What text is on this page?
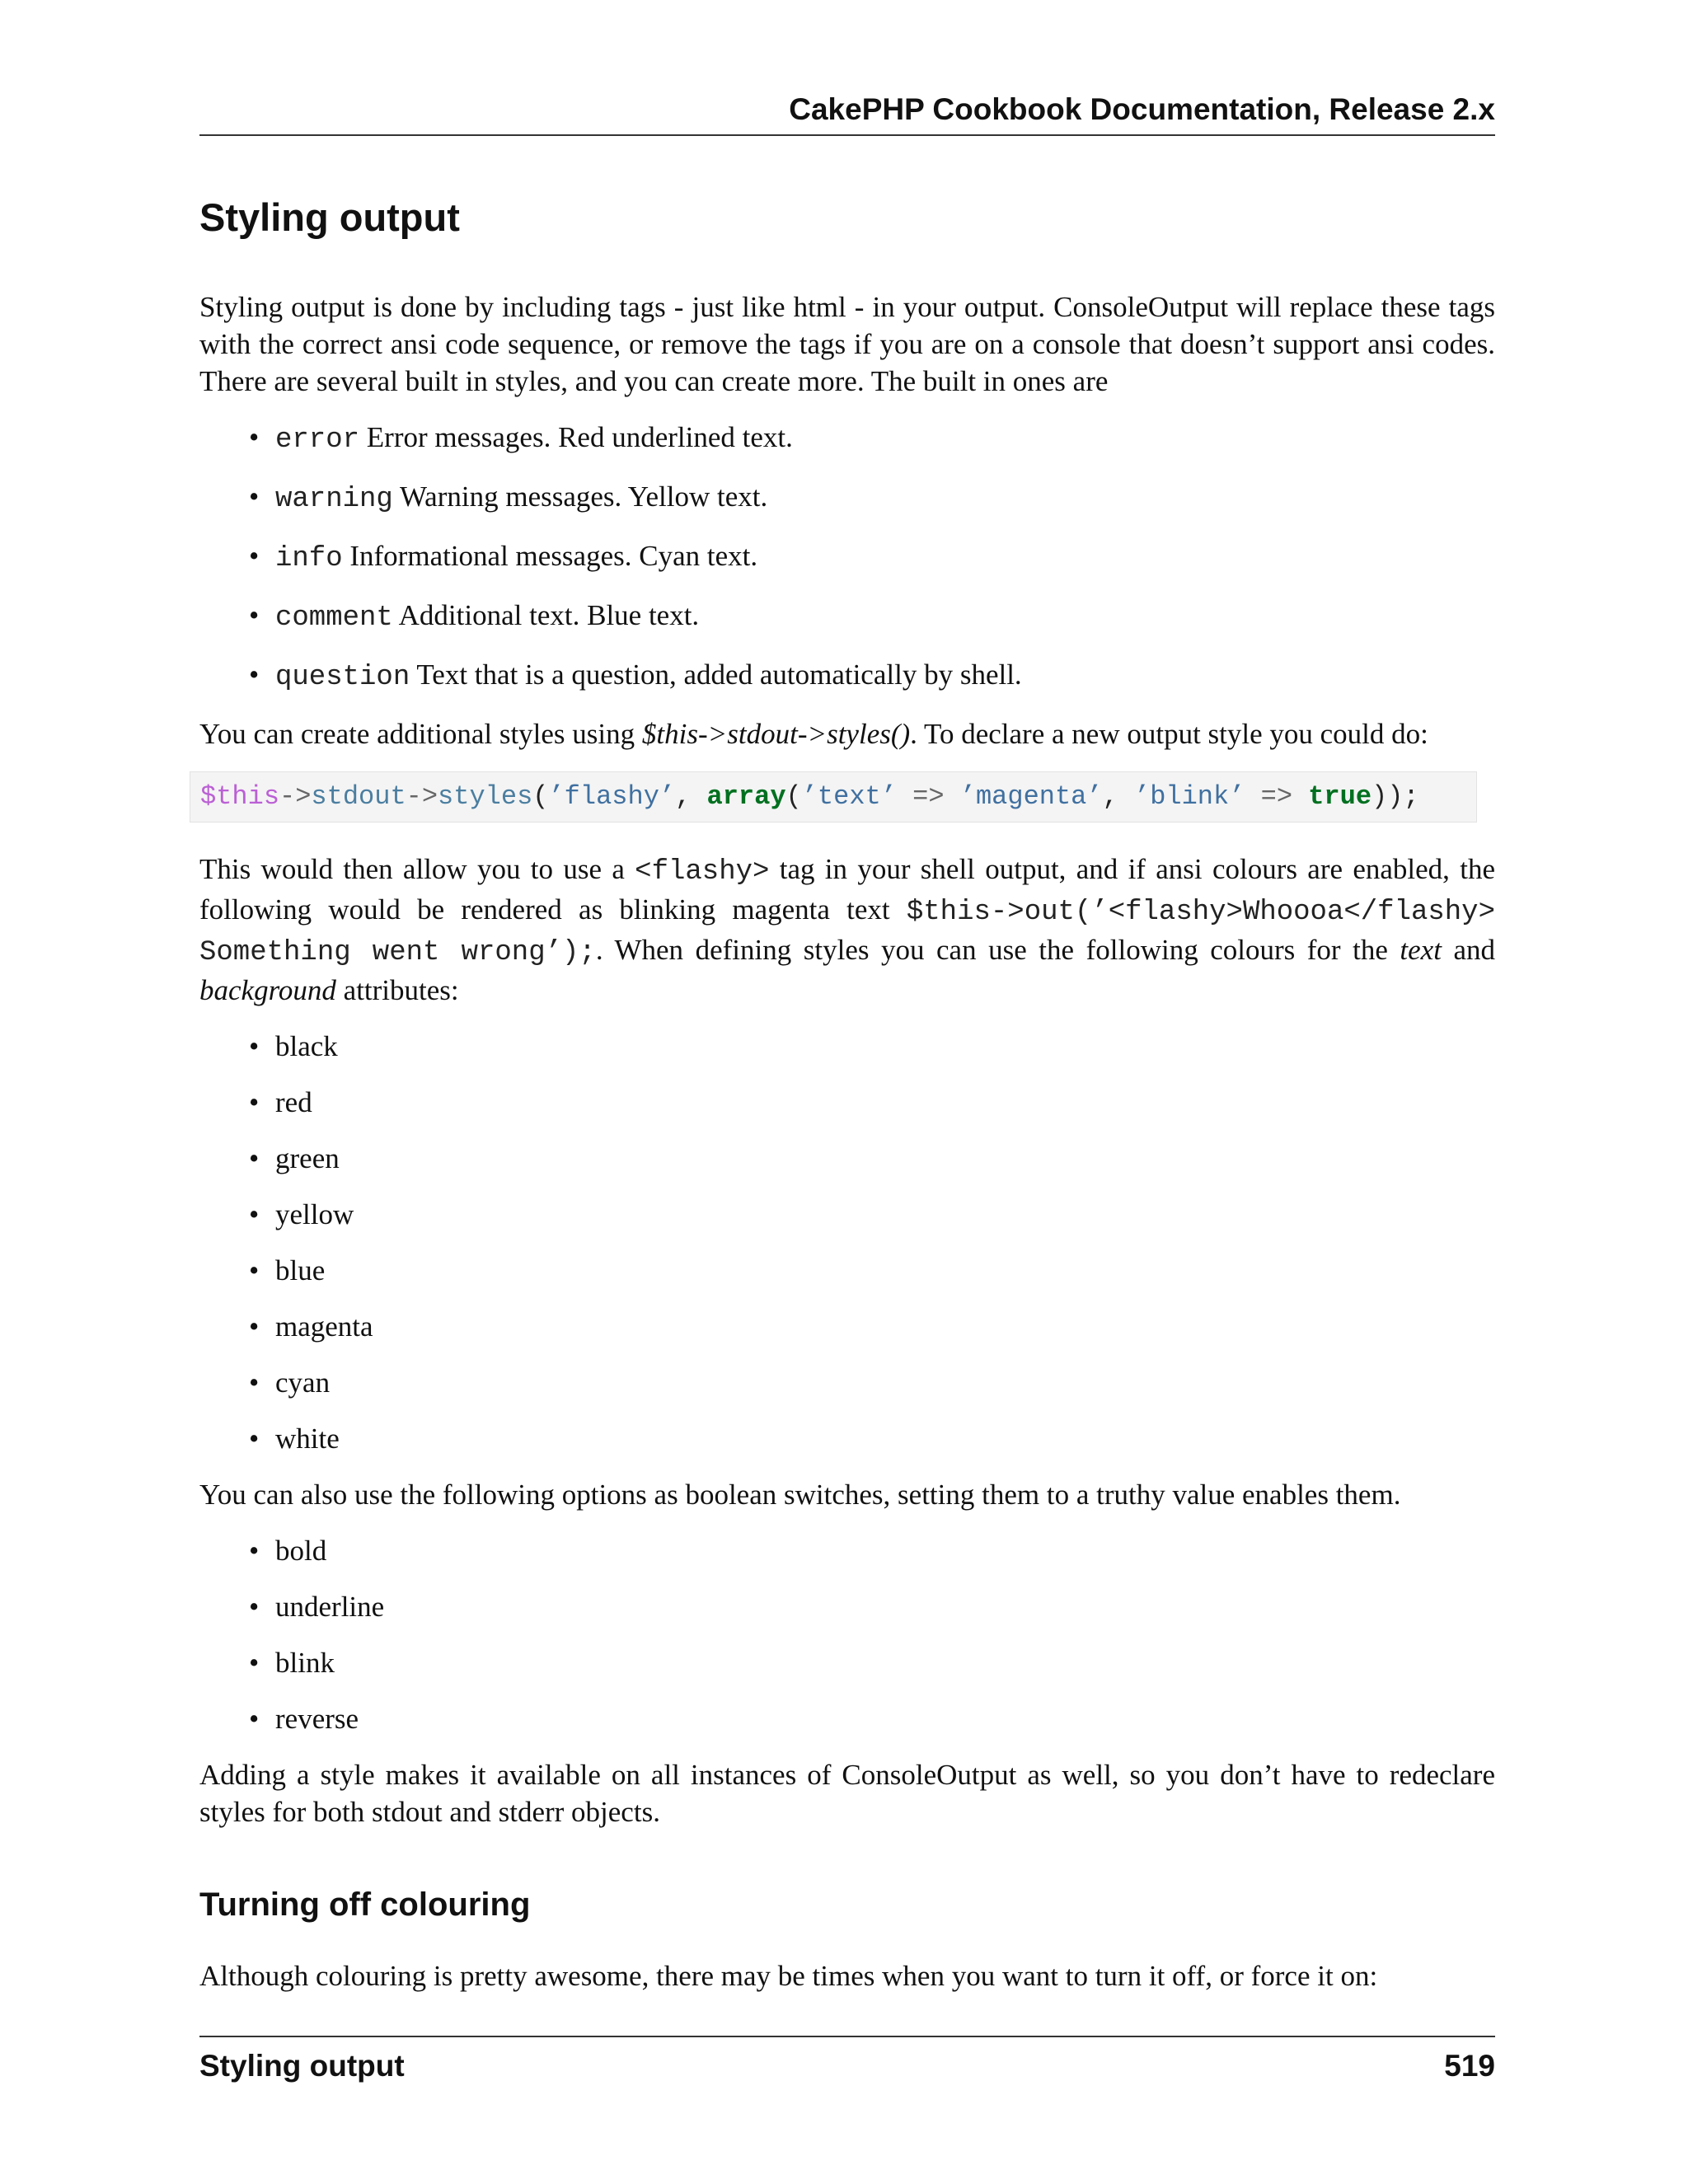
CakePHP Cookbook Documentation, Release 2.x
Styling output

Styling output is done by including tags - just like html - in your output. ConsoleOutput will replace these tags with the correct ansi code sequence, or remove the tags if you are on a console that doesn’t support ansi codes. There are several built in styles, and you can create more. The built in ones are

• error Error messages. Red underlined text.
• warning Warning messages. Yellow text.
• info Informational messages. Cyan text.
• comment Additional text. Blue text.
• question Text that is a question, added automatically by shell.

You can create additional styles using $this->stdout->styles(). To declare a new output style you could do:

$this->stdout->styles(’flashy’, array(’text’ => ’magenta’, ’blink’ => true));

This would then allow you to use a <flashy> tag in your shell output, and if ansi colours are enabled, the following would be rendered as blinking magenta text $this->out(’<flashy>Whoooa</flashy> Something went wrong’);. When defining styles you can use the following colours for the text and background attributes:

• black
• red
• green
• yellow
• blue
• magenta
• cyan
• white

You can also use the following options as boolean switches, setting them to a truthy value enables them.

• bold
• underline
• blink
• reverse

Adding a style makes it available on all instances of ConsoleOutput as well, so you don’t have to redeclare styles for both stdout and stderr objects.

Turning off colouring

Although colouring is pretty awesome, there may be times when you want to turn it off, or force it on:

Styling output	519
